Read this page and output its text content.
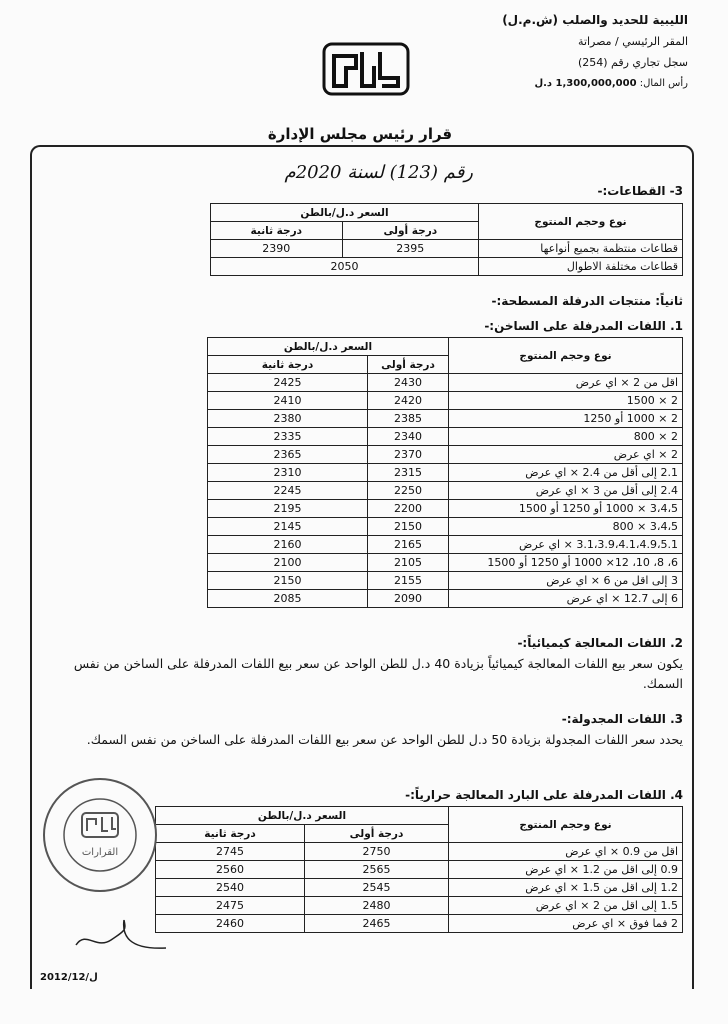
الليبية للحديد والصلب (ش.م.ل)
المقر الرئيسي / مصراتة
سجل تجاري رقم (254)
رأس المال: 1,300,000,000 د.ل
قرار رئيس مجلس الإدارة
رقم (123) لسنة 2020م
3- القطاعات:-
نوع وحجم المنتوج	السعر د.ل/بالطن	
	درجة أولى	درجة ثانية
قطاعات منتظمة بجميع أنواعها	2395	2390
قطاعات مختلفة الاطوال	2050	
ثانياً: منتجات الدرفلة المسطحة:-
1. اللفات المدرفلة على الساخن:-
نوع وحجم المنتوج	السعر د.ل/بالطن	
	درجة أولى	درجة ثانية
اقل من 2 × اي عرض	2430	2425
2 × 1500	2420	2410
2 × 1000 أو 1250	2385	2380
2 × 800	2340	2335
2 × اي عرض	2370	2365
2.1 إلى أقل من 2.4 × اي عرض	2315	2310
2.4 إلى أقل من 3 × اي عرض	2250	2245
3،4،5 × 1000 أو 1250 أو 1500	2200	2195
3،4،5 × 800	2150	2145
3.1،3.9،4.1،4.9،5.1 × اي عرض	2165	2160
6، 8، 10، 12× 1000 أو 1250 أو 1500	2105	2100
3 إلى اقل من 6 × اي عرض	2155	2150
6 إلى 12.7 × اي عرض	2090	2085
2. اللفات المعالجة كيميائياً:-
يكون سعر بيع اللفات المعالجة كيميائياً بزيادة 40 د.ل للطن الواحد عن سعر بيع اللفات المدرفلة على الساخن من نفس السمك.
3. اللفات المجدولة:-
يحدد سعر اللفات المجدولة بزيادة 50 د.ل للطن الواحد عن سعر بيع اللفات المدرفلة على الساخن من نفس السمك.
4. اللفات المدرفلة على البارد المعالجة حرارياً:-
نوع وحجم المنتوج	السعر د.ل/بالطن	
	درجة أولى	درجة ثانية
اقل من 0.9 × اي عرض	2750	2745
0.9 إلى اقل من 1.2 × اي عرض	2565	2560
1.2 إلى اقل من 1.5 × اي عرض	2545	2540
1.5 إلى اقل من 2 × اي عرض	2480	2475
2 فما فوق × اي عرض	2465	2460
القرارات
2012/12/ل
